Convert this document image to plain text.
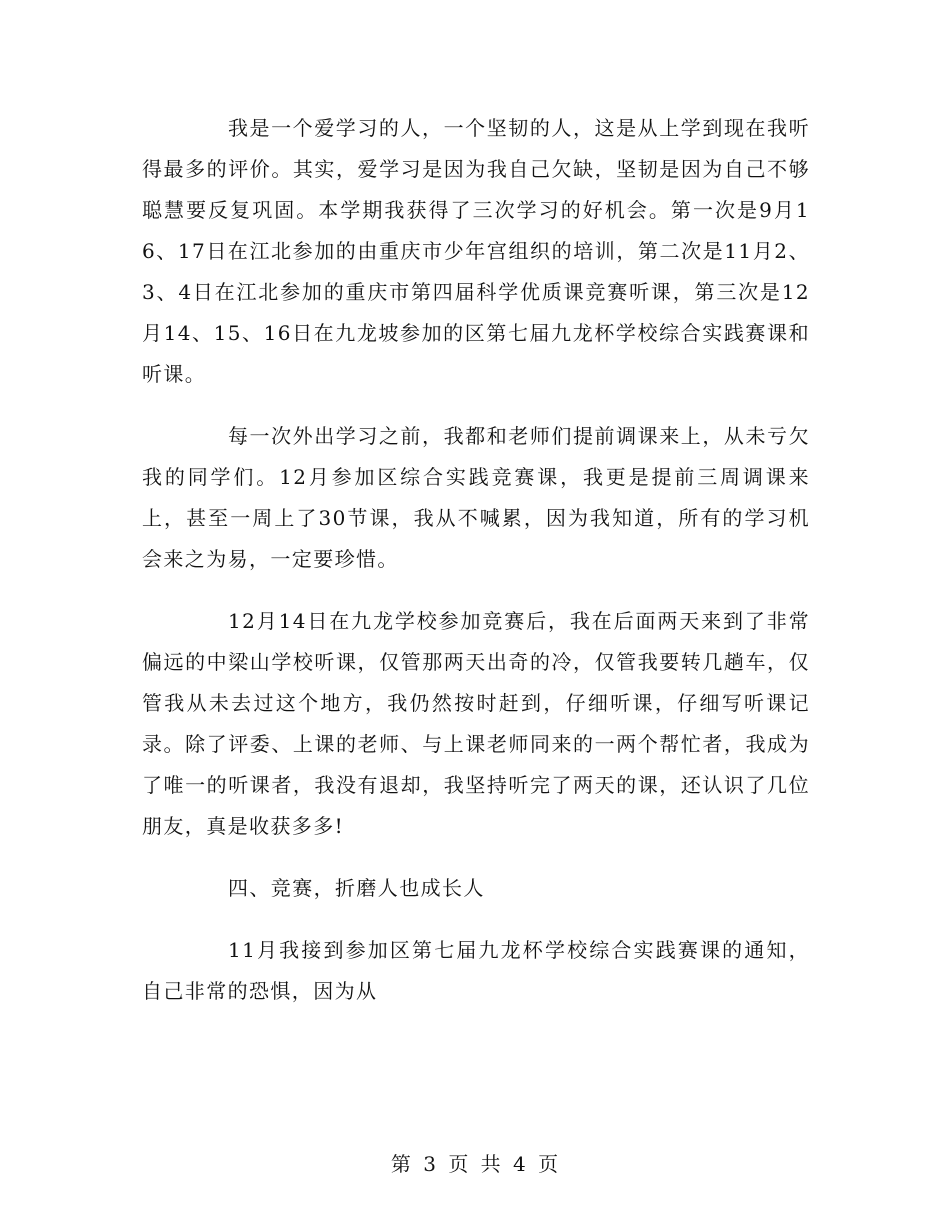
我是一个爱学习的人，一个坚韧的人，这是从上学到现在我听得最多的评价。其实，爱学习是因为我自己欠缺，坚韧是因为自己不够聪慧要反复巩固。本学期我获得了三次学习的好机会。第一次是9月16、17日在江北参加的由重庆市少年宫组织的培训，第二次是11月2、3、4日在江北参加的重庆市第四届科学优质课竞赛听课，第三次是12月14、15、16日在九龙坡参加的区第七届九龙杯学校综合实践赛课和听课。

每一次外出学习之前，我都和老师们提前调课来上，从未亏欠我的同学们。12月参加区综合实践竞赛课，我更是提前三周调课来上，甚至一周上了30节课，我从不喊累，因为我知道，所有的学习机会来之为易，一定要珍惜。

12月14日在九龙学校参加竞赛后，我在后面两天来到了非常偏远的中梁山学校听课，仅管那两天出奇的冷，仅管我要转几趟车，仅管我从未去过这个地方，我仍然按时赶到，仔细听课，仔细写听课记录。除了评委、上课的老师、与上课老师同来的一两个帮忙者，我成为了唯一的听课者，我没有退却，我坚持听完了两天的课，还认识了几位朋友，真是收获多多!

四、竞赛，折磨人也成长人

11月我接到参加区第七届九龙杯学校综合实践赛课的通知，自己非常的恐惧，因为从

第 3 页 共 4 页
